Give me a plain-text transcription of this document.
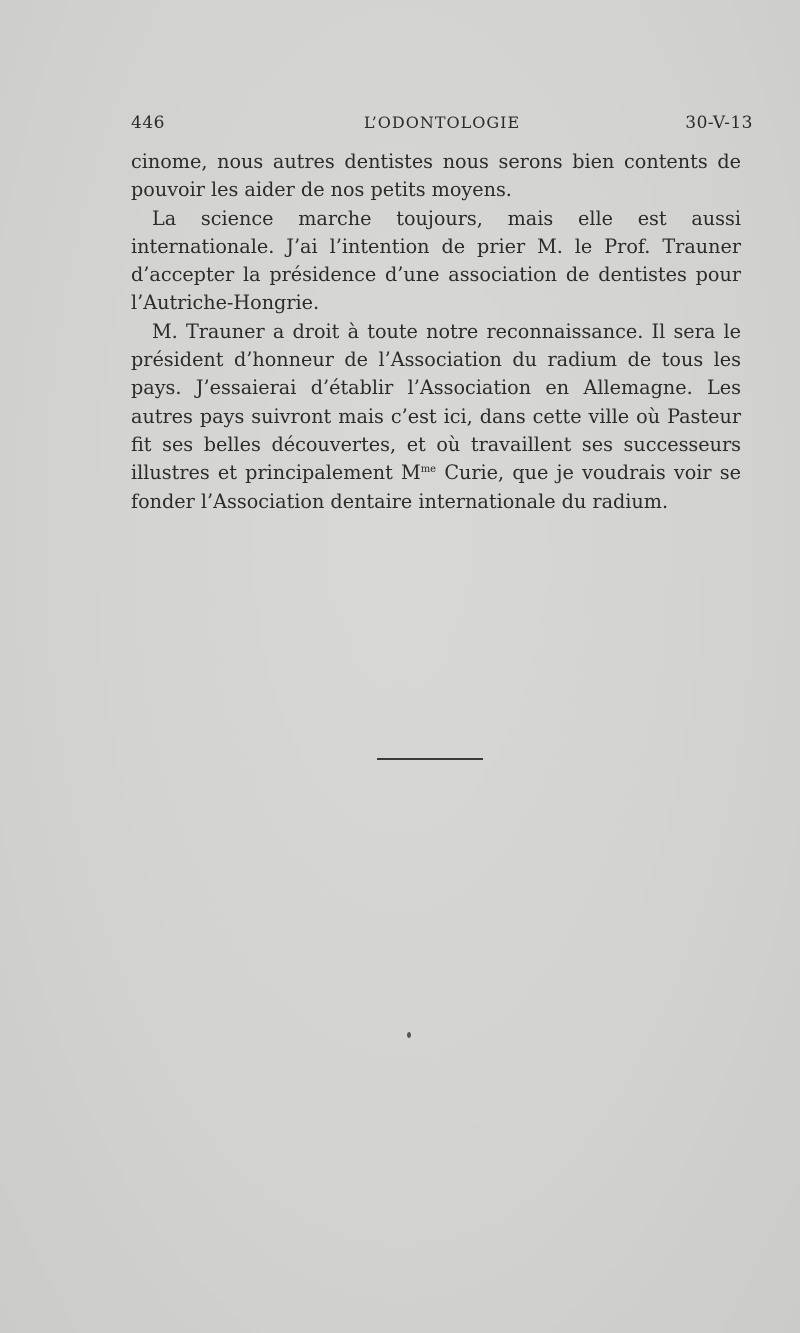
446	L’ODONTOLOGIE	30-V-13

cinome, nous autres dentistes nous serons bien contents de pouvoir les aider de nos petits moyens.

La science marche toujours, mais elle est aussi internationale. J’ai l’intention de prier M. le Prof. Trauner d’accepter la présidence d’une association de dentistes pour l’Autriche-Hongrie.

M. Trauner a droit à toute notre reconnaissance. Il sera le président d’honneur de l’Association du radium de tous les pays. J’essaierai d’établir l’Association en Allemagne. Les autres pays suivront mais c’est ici, dans cette ville où Pasteur fit ses belles découvertes, et où travaillent ses successeurs illustres et principalement $M^{me}$ Curie, que je voudrais voir se fonder l’Association dentaire internationale du radium.
